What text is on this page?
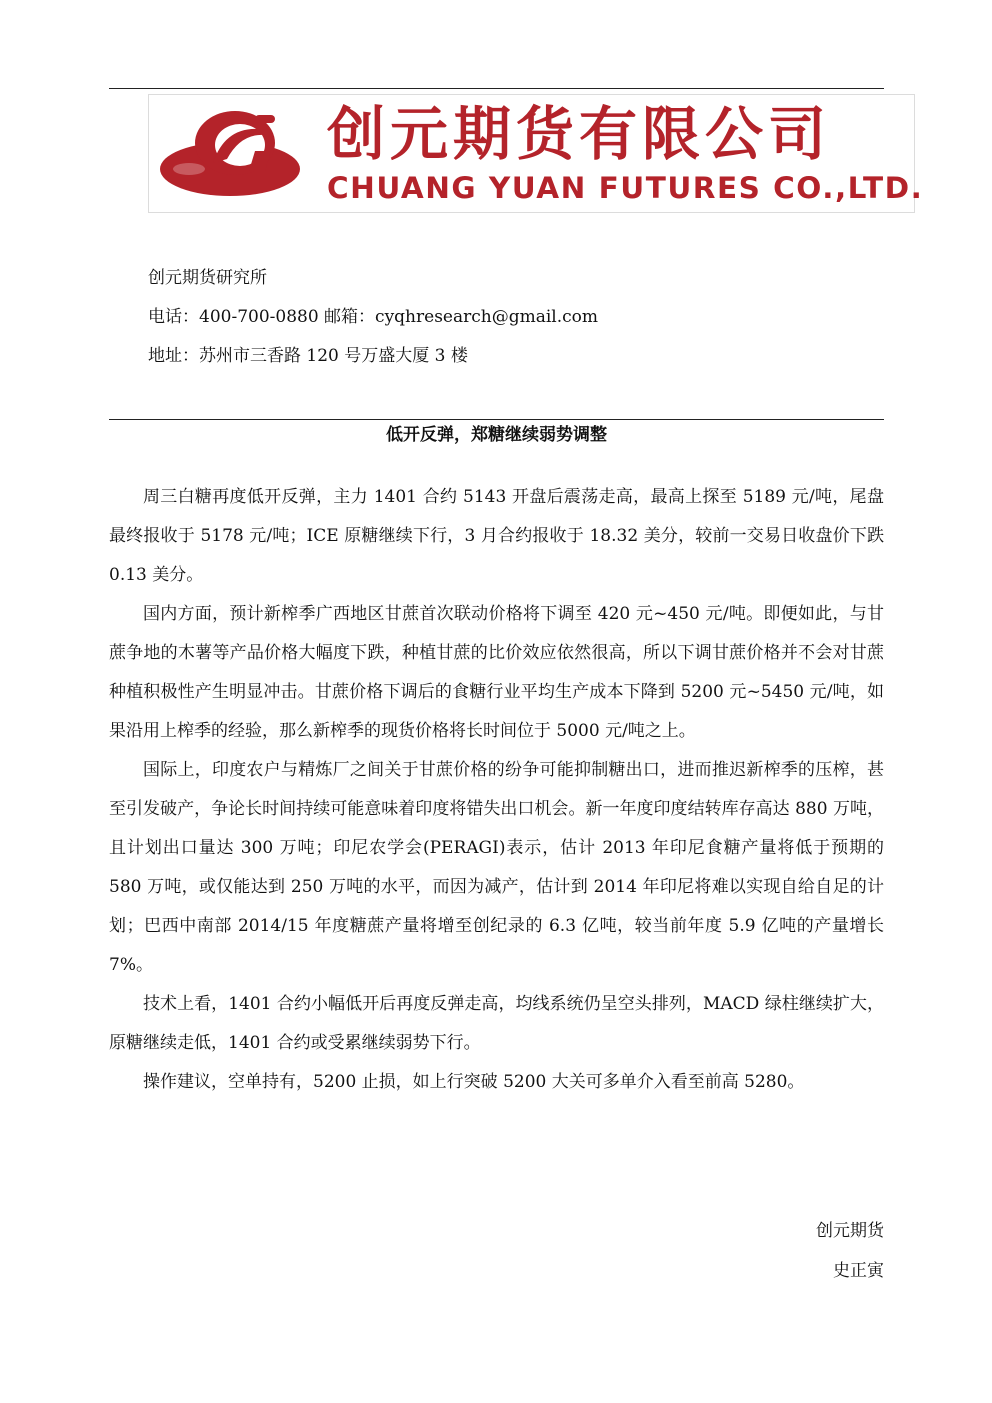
创元期货有限公司
CHUANG YUAN FUTURES CO.,LTD.
创元期货研究所
电话：400-700-0880 邮箱：cyqhresearch@gmail.com
地址：苏州市三香路 120 号万盛大厦 3 楼
低开反弹，郑糖继续弱势调整

周三白糖再度低开反弹，主力 1401 合约 5143 开盘后震荡走高，最高上探至 5189 元/吨，尾盘最终报收于 5178 元/吨；ICE 原糖继续下行，3 月合约报收于 18.32 美分，较前一交易日收盘价下跌 0.13 美分。

国内方面，预计新榨季广西地区甘蔗首次联动价格将下调至 420 元~450 元/吨。即便如此，与甘蔗争地的木薯等产品价格大幅度下跌，种植甘蔗的比价效应依然很高，所以下调甘蔗价格并不会对甘蔗种植积极性产生明显冲击。甘蔗价格下调后的食糖行业平均生产成本下降到 5200 元~5450 元/吨，如果沿用上榨季的经验，那么新榨季的现货价格将长时间位于 5000 元/吨之上。

国际上，印度农户与精炼厂之间关于甘蔗价格的纷争可能抑制糖出口，进而推迟新榨季的压榨，甚至引发破产，争论长时间持续可能意味着印度将错失出口机会。新一年度印度结转库存高达 880 万吨，且计划出口量达 300 万吨；印尼农学会(PERAGI)表示，估计 2013 年印尼食糖产量将低于预期的 580 万吨，或仅能达到 250 万吨的水平，而因为减产，估计到 2014 年印尼将难以实现自给自足的计划；巴西中南部 2014/15 年度糖蔗产量将增至创纪录的 6.3 亿吨，较当前年度 5.9 亿吨的产量增长 7%。

技术上看，1401 合约小幅低开后再度反弹走高，均线系统仍呈空头排列，MACD 绿柱继续扩大，原糖继续走低，1401 合约或受累继续弱势下行。

操作建议，空单持有，5200 止损，如上行突破 5200 大关可多单介入看至前高 5280。

创元期货
史正寅
